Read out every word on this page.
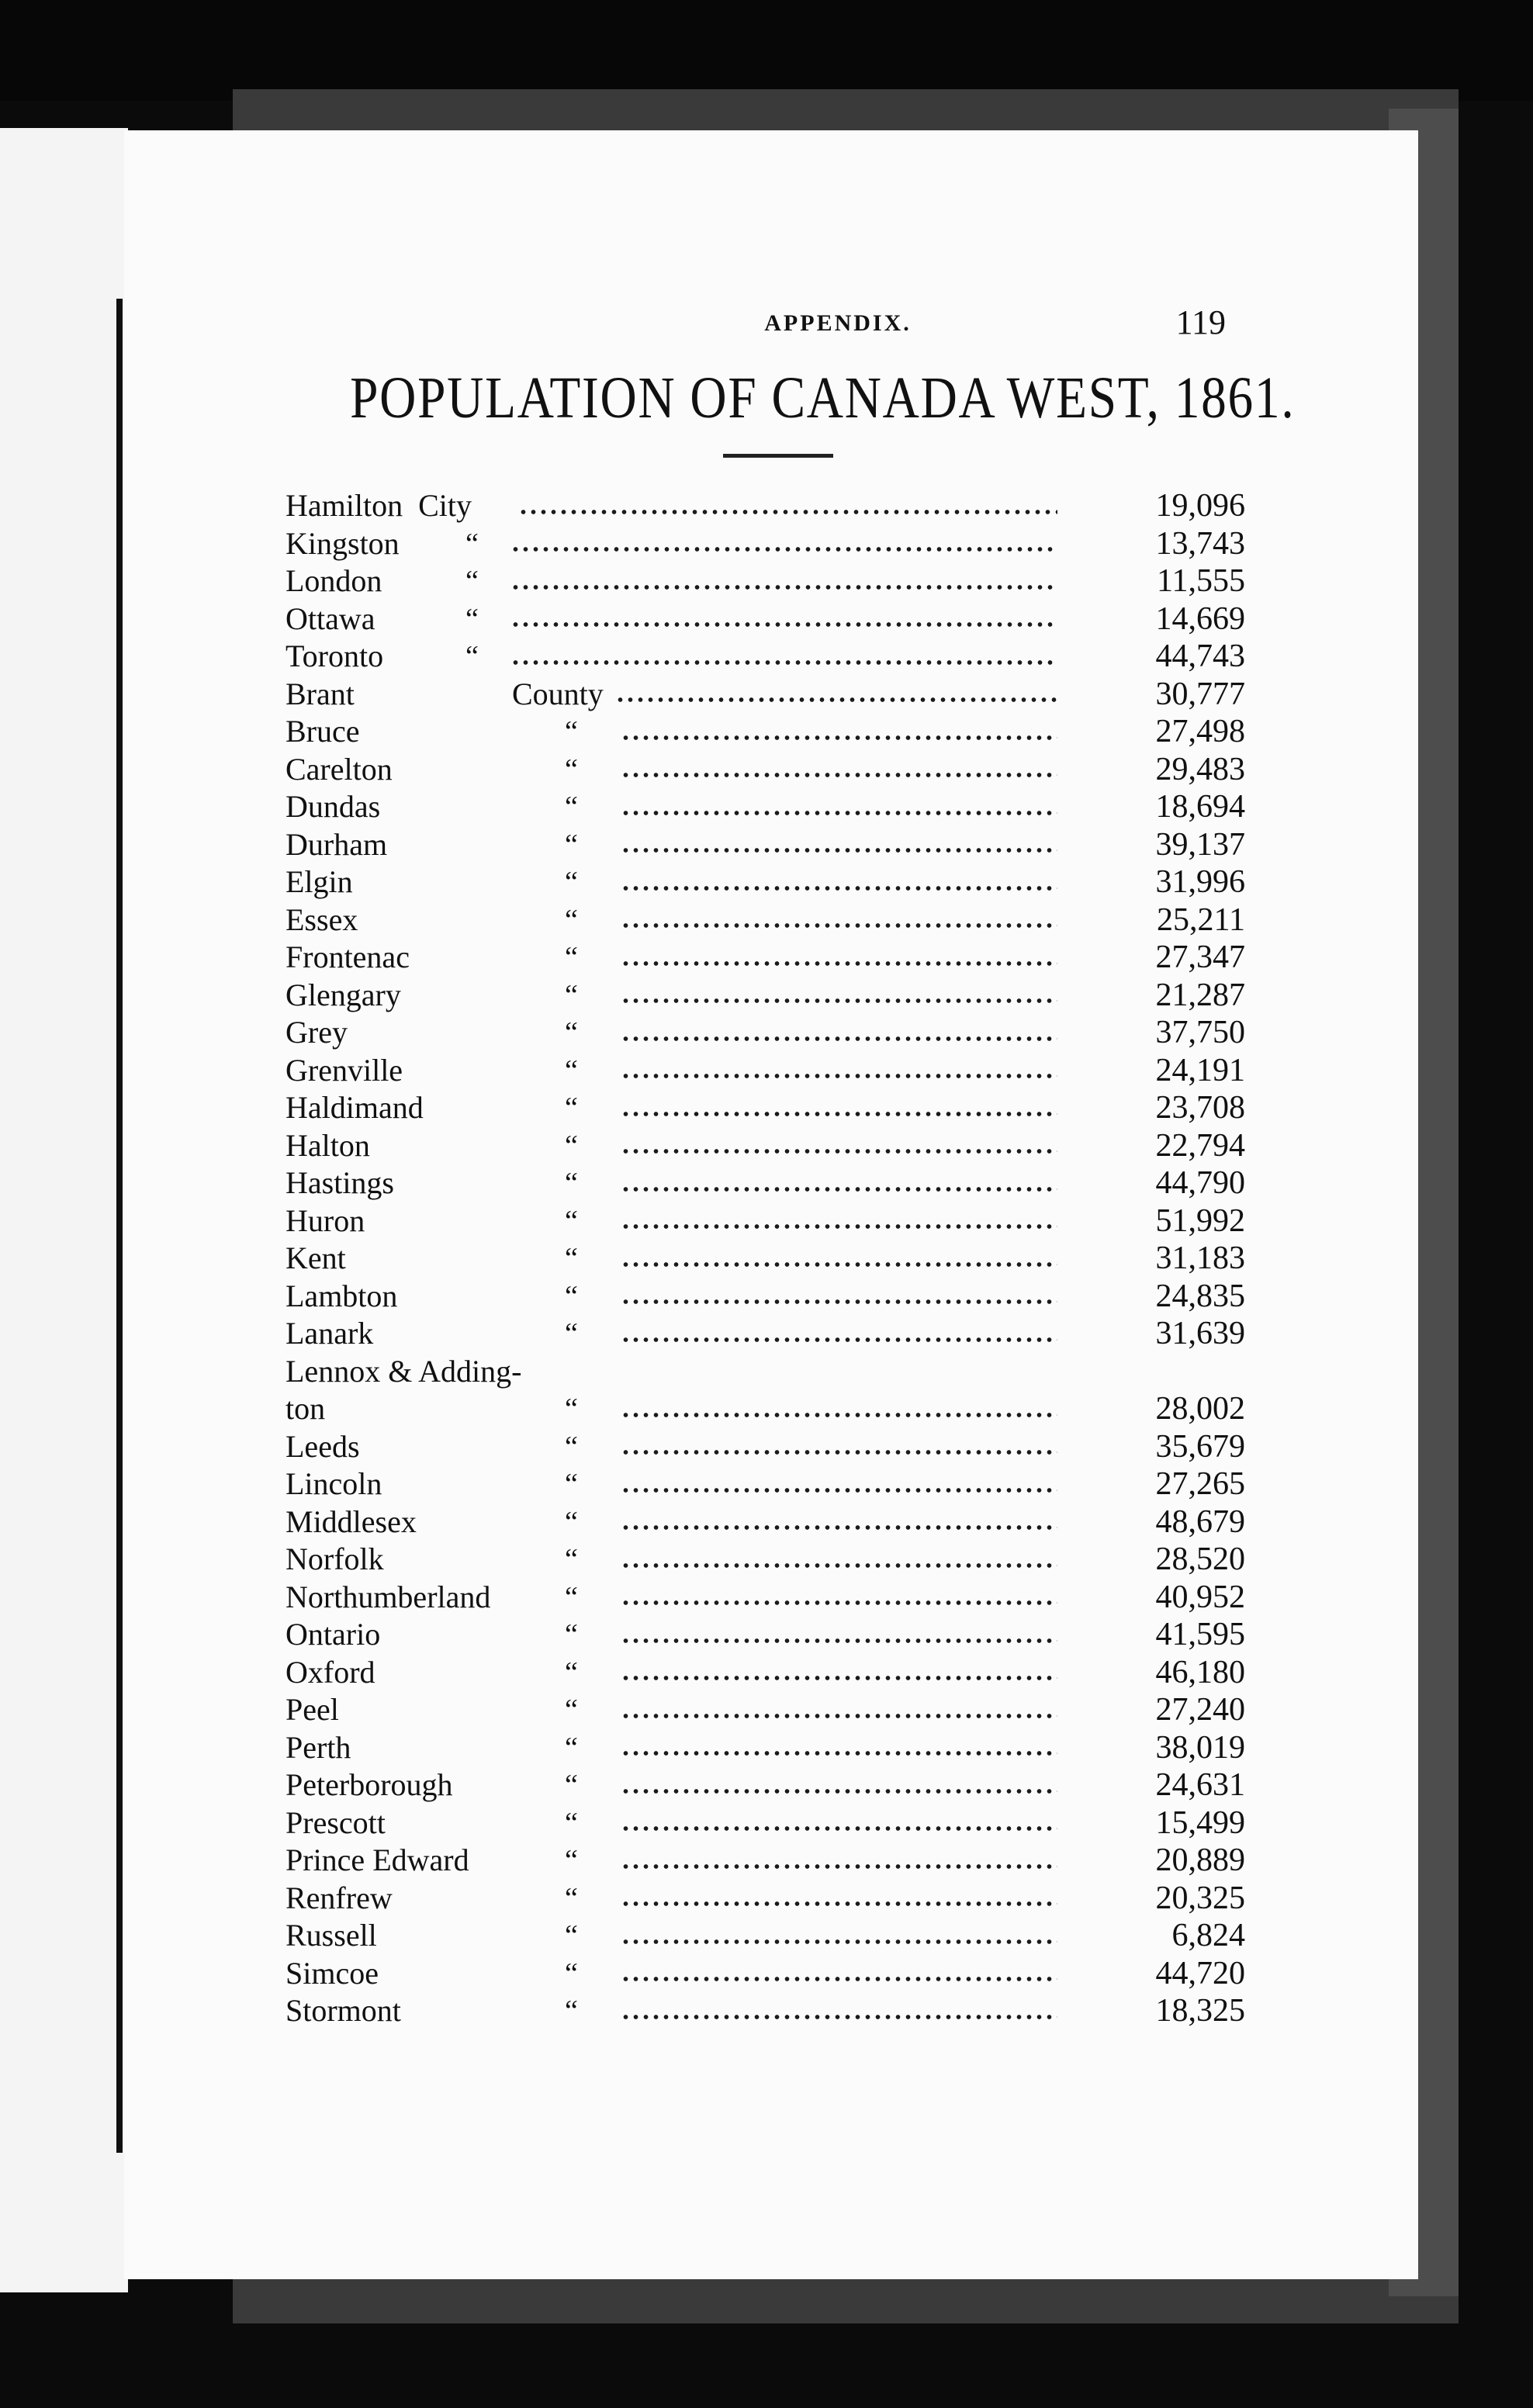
APPENDIX.	119
POPULATION OF CANADA WEST, 1861.
Hamilton  City	19,096
Kingston “	13,743
London	“	11,555
Ottawa	“	14,669
Toronto	“	44,743
Brant	County	30,777
Bruce	“	27,498
Carelton	“	29,483
Dundas	“	18,694
Durham	“	39,137
Elgin	“	31,996
Essex	“	25,211
Frontenac	“	27,347
Glengary	“	21,287
Grey	“	37,750
Grenville	“	24,191
Haldimand	“	23,708
Halton	“	22,794
Hastings	“	44,790
Huron	“	51,992
Kent	“	31,183
Lambton	“	24,835
Lanark	“	31,639
Lennox & Adding-
ton	“	28,002
Leeds	“	35,679
Lincoln	“	27,265
Middlesex	“	48,679
Norfolk	“	28,520
Northumberland	“	40,952
Ontario	“	41,595
Oxford	“	46,180
Peel	“	27,240
Perth	“	38,019
Peterborough	“	24,631
Prescott	“	15,499
Prince Edward	“	20,889
Renfrew	“	20,325
Russell	“	6,824
Simcoe	“	44,720
Stormont	“	18,325
